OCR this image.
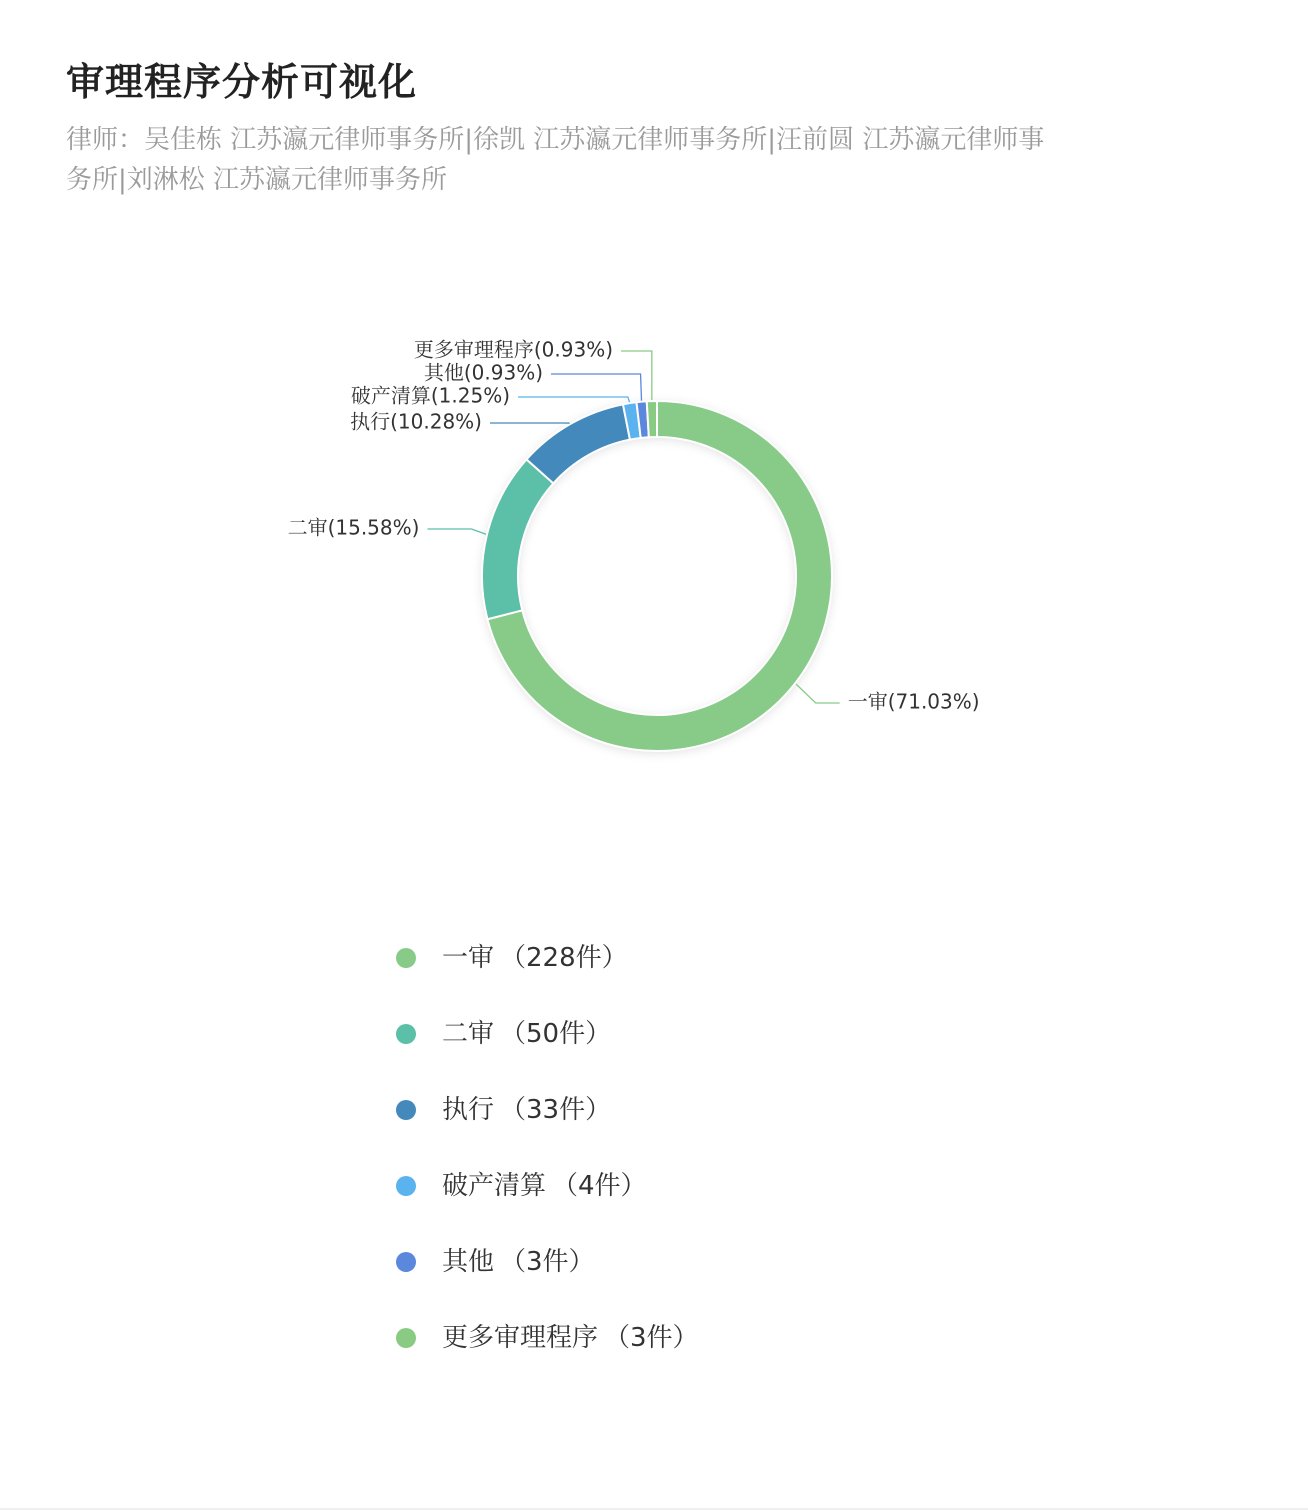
审理程序分析可视化

律师：吴佳栋 江苏瀛元律师事务所|徐凯 江苏瀛元律师事务所|汪前圆 江苏瀛元律师事务所|刘淋松 江苏瀛元律师事务所

一审(71.03%)
二审(15.58%)
执行(10.28%)
破产清算(1.25%)
其他(0.93%)
更多审理程序(0.93%)
一审 （228件）
二审 （50件）
执行 （33件）
破产清算 （4件）
其他 （3件）
更多审理程序 （3件）
